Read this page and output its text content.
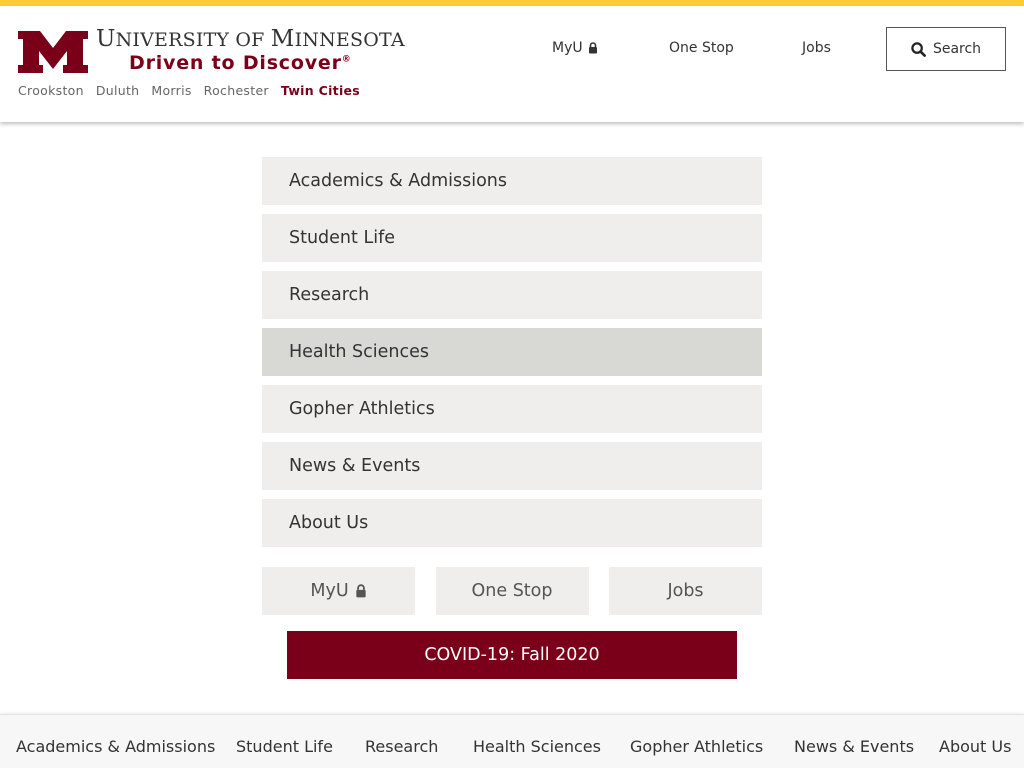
UNIVERSITY OF MINNESOTA
Driven to Discover®
Crookston Duluth Morris Rochester Twin Cities
MyU	One Stop	Jobs	Search
Academics & Admissions
Student Life
Research
Health Sciences
Gopher Athletics
News & Events
About Us
MyU	One Stop	Jobs
COVID-19: Fall 2020
Academics & Admissions Student Life Research Health Sciences Gopher Athletics News & Events About Us
